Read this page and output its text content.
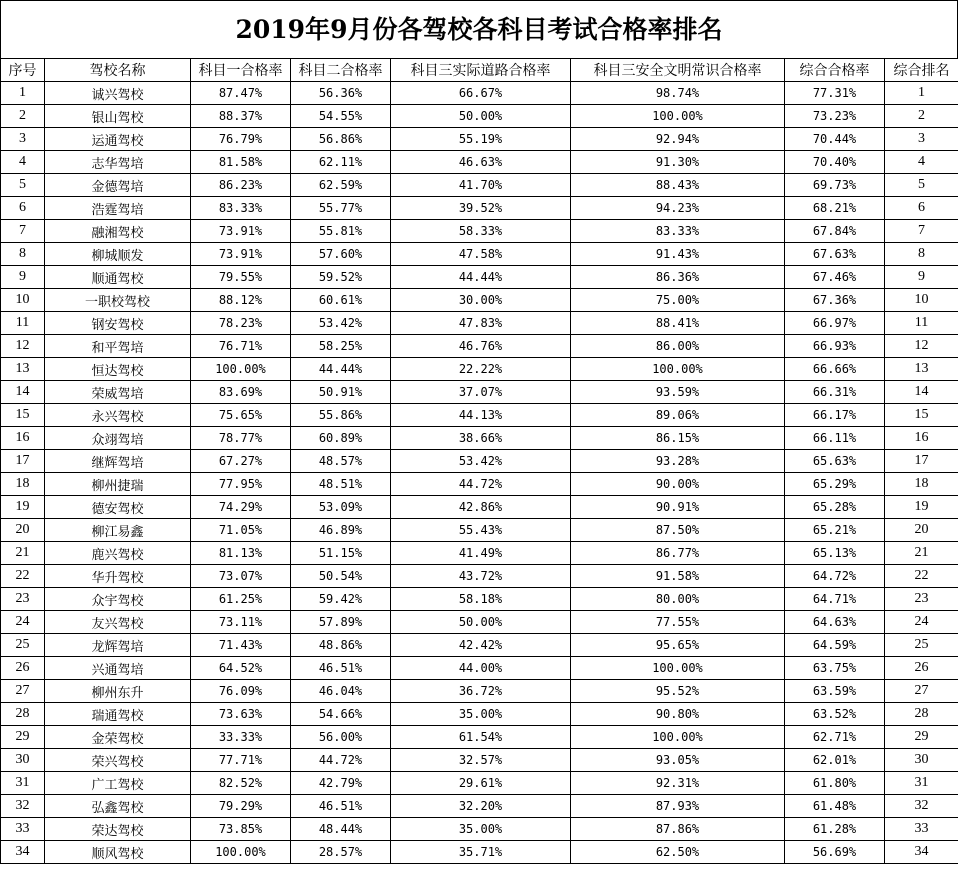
2019年9月份各驾校各科目考试合格率排名
序号	驾校名称	科目一合格率	科目二合格率	科目三实际道路合格率	科目三安全文明常识合格率	综合合格率	综合排名
1	诚兴驾校	87.47%	56.36%	66.67%	98.74%	77.31%	1
2	银山驾校	88.37%	54.55%	50.00%	100.00%	73.23%	2
3	运通驾校	76.79%	56.86%	55.19%	92.94%	70.44%	3
4	志华驾培	81.58%	62.11%	46.63%	91.30%	70.40%	4
5	金德驾培	86.23%	62.59%	41.70%	88.43%	69.73%	5
6	浩霆驾培	83.33%	55.77%	39.52%	94.23%	68.21%	6
7	融湘驾校	73.91%	55.81%	58.33%	83.33%	67.84%	7
8	柳城顺发	73.91%	57.60%	47.58%	91.43%	67.63%	8
9	顺通驾校	79.55%	59.52%	44.44%	86.36%	67.46%	9
10	一职校驾校	88.12%	60.61%	30.00%	75.00%	67.36%	10
11	钢安驾校	78.23%	53.42%	47.83%	88.41%	66.97%	11
12	和平驾培	76.71%	58.25%	46.76%	86.00%	66.93%	12
13	恒达驾校	100.00%	44.44%	22.22%	100.00%	66.66%	13
14	荣威驾培	83.69%	50.91%	37.07%	93.59%	66.31%	14
15	永兴驾校	75.65%	55.86%	44.13%	89.06%	66.17%	15
16	众翊驾培	78.77%	60.89%	38.66%	86.15%	66.11%	16
17	继辉驾培	67.27%	48.57%	53.42%	93.28%	65.63%	17
18	柳州捷瑞	77.95%	48.51%	44.72%	90.00%	65.29%	18
19	德安驾校	74.29%	53.09%	42.86%	90.91%	65.28%	19
20	柳江易鑫	71.05%	46.89%	55.43%	87.50%	65.21%	20
21	鹿兴驾校	81.13%	51.15%	41.49%	86.77%	65.13%	21
22	华升驾校	73.07%	50.54%	43.72%	91.58%	64.72%	22
23	众宇驾校	61.25%	59.42%	58.18%	80.00%	64.71%	23
24	友兴驾校	73.11%	57.89%	50.00%	77.55%	64.63%	24
25	龙辉驾培	71.43%	48.86%	42.42%	95.65%	64.59%	25
26	兴通驾培	64.52%	46.51%	44.00%	100.00%	63.75%	26
27	柳州东升	76.09%	46.04%	36.72%	95.52%	63.59%	27
28	瑞通驾校	73.63%	54.66%	35.00%	90.80%	63.52%	28
29	金荣驾校	33.33%	56.00%	61.54%	100.00%	62.71%	29
30	荣兴驾校	77.71%	44.72%	32.57%	93.05%	62.01%	30
31	广工驾校	82.52%	42.79%	29.61%	92.31%	61.80%	31
32	弘鑫驾校	79.29%	46.51%	32.20%	87.93%	61.48%	32
33	荣达驾校	73.85%	48.44%	35.00%	87.86%	61.28%	33
34	顺风驾校	100.00%	28.57%	35.71%	62.50%	56.69%	34
